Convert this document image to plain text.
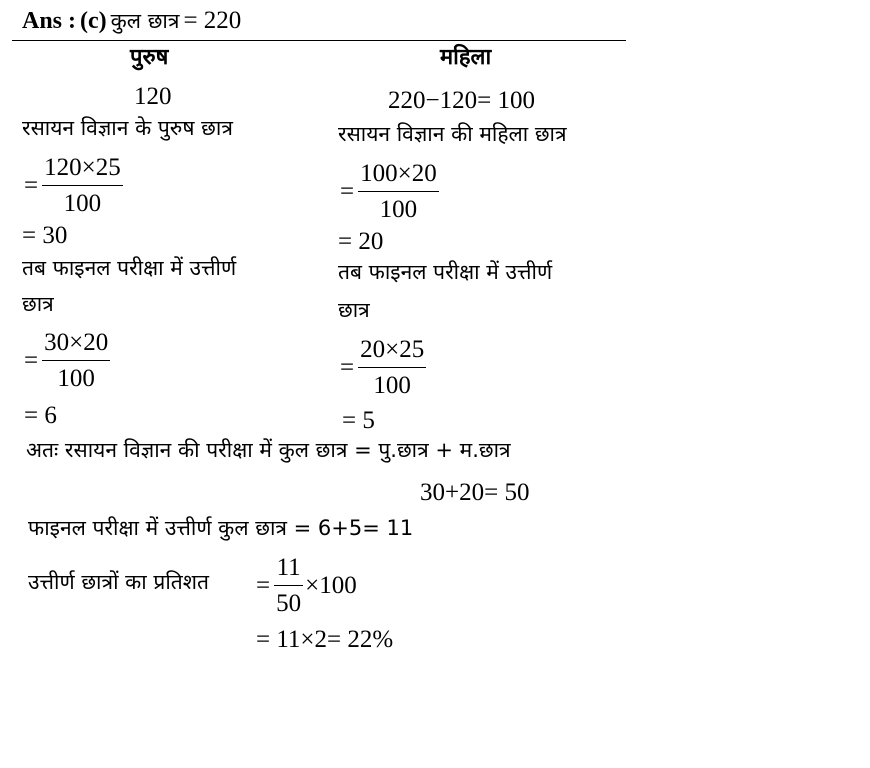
Ans : (c) कुल छात्र = 220
पुरुष	महिला
120	220−120= 100
रसायन विज्ञान के पुरुष छात्र
=
120×25
100
= 30
तब फाइनल परीक्षा में उत्तीर्ण
छात्र
=
30×20
100
= 6
रसायन विज्ञान की महिला छात्र
=
100×20
100
= 20
तब फाइनल परीक्षा में उत्तीर्ण
छात्र
=
20×25
100
= 5
अतः रसायन विज्ञान की परीक्षा में कुल छात्र = पु.छात्र + म.छात्र
30+20= 50
फाइनल परीक्षा में उत्तीर्ण कुल छात्र = 6+5= 11
उत्तीर्ण छात्रों का प्रतिशत =
11
50
×100
= 11×2= 22%
